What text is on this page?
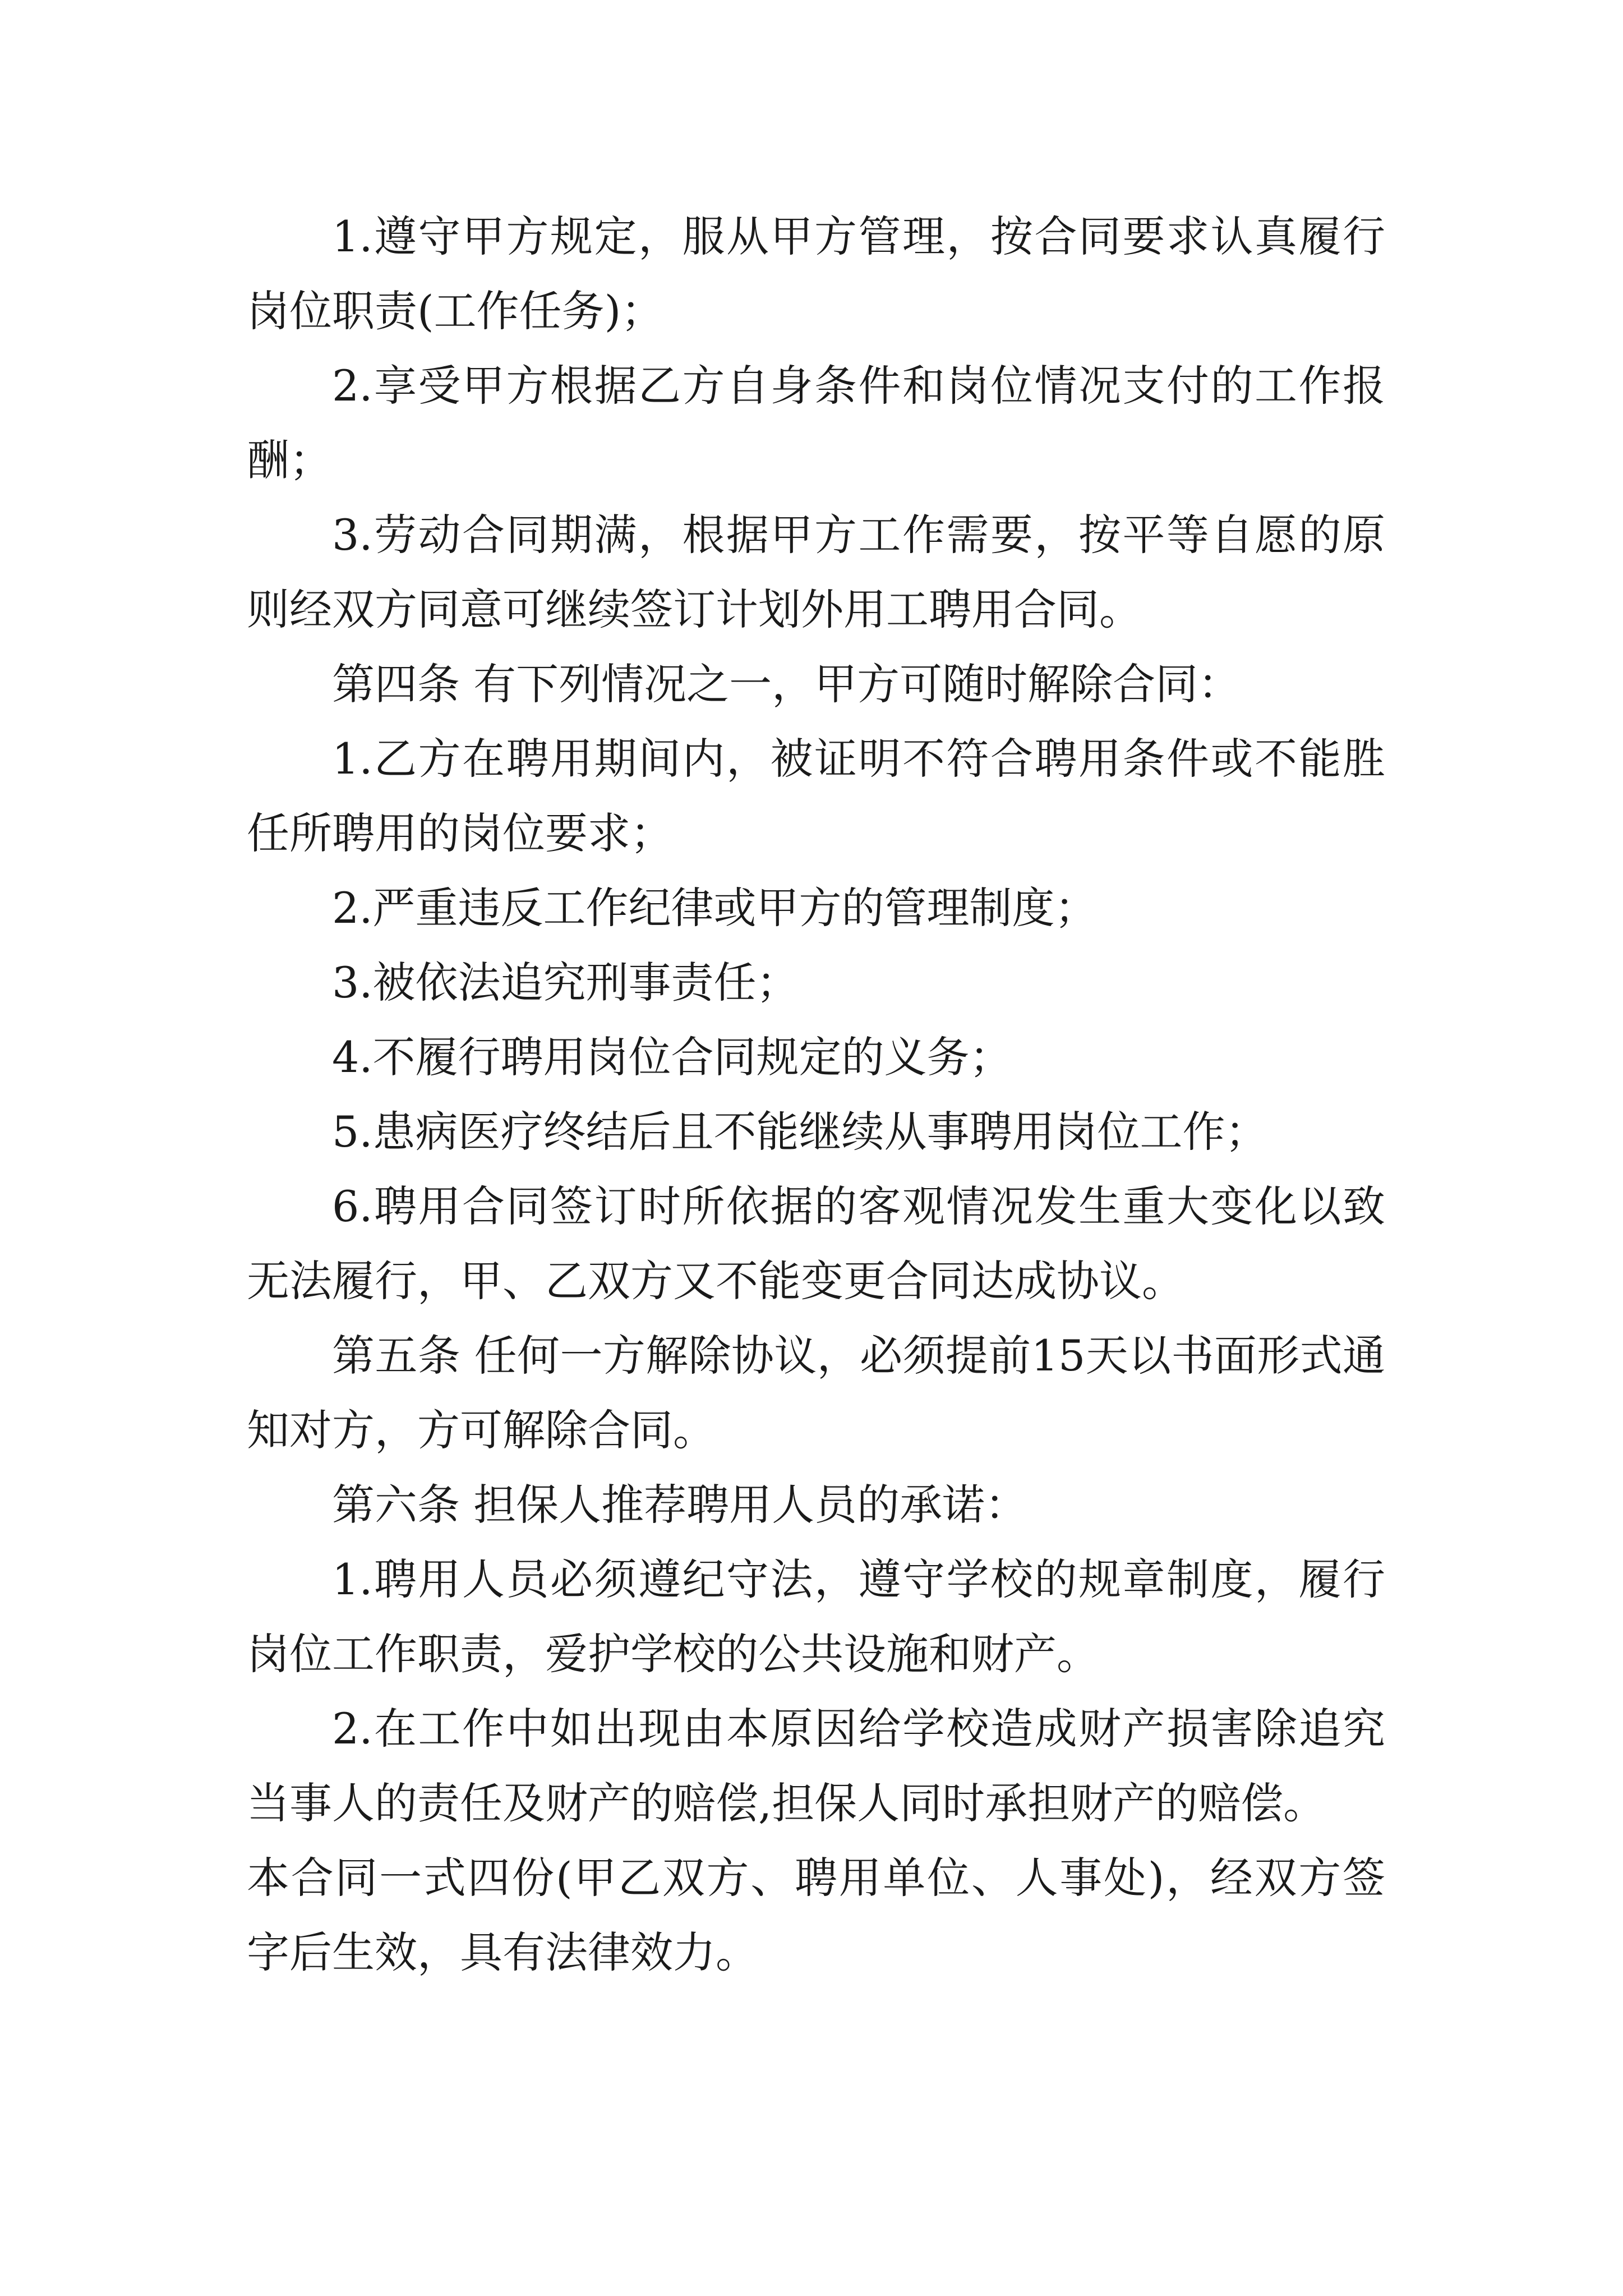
1.遵守甲方规定，服从甲方管理，按合同要求认真履行岗位职责(工作任务)；

2.享受甲方根据乙方自身条件和岗位情况支付的工作报酬；

3.劳动合同期满，根据甲方工作需要，按平等自愿的原则经双方同意可继续签订计划外用工聘用合同。

第四条 有下列情况之一，甲方可随时解除合同：

1.乙方在聘用期间内，被证明不符合聘用条件或不能胜任所聘用的岗位要求；

2.严重违反工作纪律或甲方的管理制度；

3.被依法追究刑事责任；

4.不履行聘用岗位合同规定的义务；

5.患病医疗终结后且不能继续从事聘用岗位工作；

6.聘用合同签订时所依据的客观情况发生重大变化以致无法履行，甲、乙双方又不能变更合同达成协议。

第五条 任何一方解除协议，必须提前15天以书面形式通知对方，方可解除合同。

第六条 担保人推荐聘用人员的承诺：

1.聘用人员必须遵纪守法，遵守学校的规章制度，履行岗位工作职责，爱护学校的公共设施和财产。

2.在工作中如出现由本原因给学校造成财产损害除追究当事人的责任及财产的赔偿,担保人同时承担财产的赔偿。

本合同一式四份(甲乙双方、聘用单位、人事处)，经双方签字后生效，具有法律效力。
